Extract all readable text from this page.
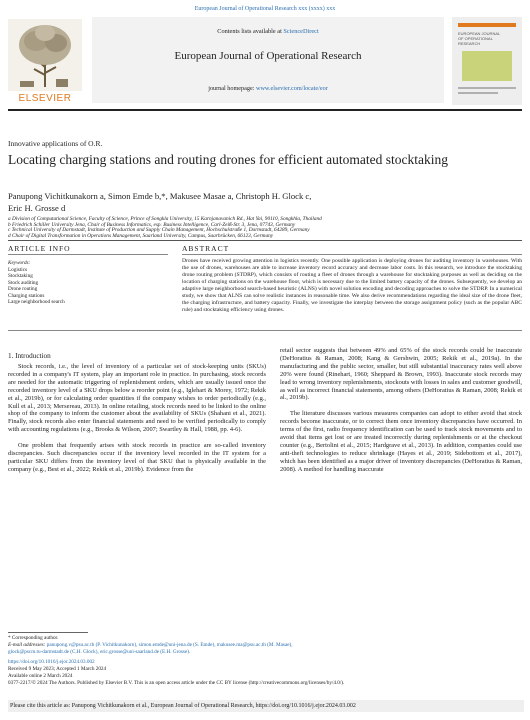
European Journal of Operational Research xxx (xxxx) xxx
ELSEVIER
Contents lists available at ScienceDirect
European Journal of Operational Research
journal homepage: www.elsevier.com/locate/eor
EUROPEAN JOURNAL
OF OPERATIONAL
RESEARCH
Innovative applications of O.R.
Locating charging stations and routing drones for efficient automated stocktaking
Panupong Vichitkunakorn a, Simon Emde b,*, Makusee Masae a, Christoph H. Glock c,
Eric H. Grosse d
a Division of Computational Science, Faculty of Science, Prince of Songkla University, 15 Karnjanavanich Rd., Hat Yai, 90110, Songkhla, Thailand
b Friedrich Schiller University Jena, Chair of Business Informatics, esp. Business Intelligence, Carl-Zeiß-Str. 3, Jena, 07743, Germany
c Technical University of Darmstadt, Institute of Production and Supply Chain Management, Hochschulstraße 1, Darmstadt, 64289, Germany
d Chair of Digital Transformation in Operations Management, Saarland University, Campus, Saarbrücken, 66123, Germany
ARTICLE INFO	ABSTRACT
Keywords:
Logistics
Stocktaking
Stock auditing
Drone routing
Charging stations
Large neighborhood search
Drones have received growing attention in logistics recently. One possible application is deploying drones for auditing inventory in warehouses. With the use of drones, warehouses are able to increase inventory record accuracy and decrease labor costs. In this research, we introduce the stocktaking drone routing problem (STDRP), which consists of routing a fleet of drones through a warehouse for stocktaking purposes as well as deciding on the location of charging stations on the warehouse floor, which is necessary due to the limited battery capacity of the drones. Subsequently, we develop an adaptive large neighborhood search-based heuristic (ALNS) with novel solution encoding and decoding approaches to solve the STDRP. In a numerical study, we show that ALNS can solve realistic instances in reasonable time. We also derive recommendations regarding the ideal size of the drone fleet, the charging infrastructure, and battery capacity. Finally, we investigate the interplay between the storage assignment policy (such as the popular ABC rule) and stocktaking efficiency using drones.
1. Introduction

Stock records, i.e., the level of inventory of a particular set of stock-keeping units (SKUs) recorded in a company's IT system, play an important role in practice. In purchasing, stock records are needed for the automatic triggering of replenishment orders, which are usually issued once the recorded inventory level of a SKU drops below a reorder point (e.g., Iglehart & Morey, 1972; Rekik et al., 2019b), or for calculating order quantities if the company wishes to order periodically (e.g., Kull et al., 2013; Mersereau, 2013). In online retailing, stock records need to be linked to the online shop of the company to inform the customer about the availability of SKUs (Shahani et al., 2021). Finally, stock records also enter financial statements and need to be verified periodically to comply with accounting regulations (e.g., Brooks & Wilson, 2007; Swartley & Hall, 1988, pp. 4-6).

One problem that frequently arises with stock records in practice are so-called inventory discrepancies. Such discrepancies occur if the inventory level recorded in the IT system for a particular SKU differs from the inventory level of that SKU that is physically available in the company (e.g., Best et al., 2022; Rekik et al., 2019b). Evidence from the

retail sector suggests that between 49% and 65% of the stock records could be inaccurate (DeHoratius & Raman, 2008; Kang & Gershwin, 2005; Rekik et al., 2019a). In the manufacturing and the public sector, smaller, but still substantial inaccuracy rates well above 20% were found (Rinehart, 1960; Sheppard & Brown, 1993). Inaccurate stock records may lead to wrong inventory replenishments, stockouts with losses in sales and customer goodwill, as well as incorrect financial statements, among others (DeHoratius & Raman, 2008; Rekik et al., 2019b).

The literature discusses various measures companies can adopt to either avoid that stock records become inaccurate, or to correct them once inventory discrepancies have occurred. In terms of the first, radio frequency identification can be used to track stock movements and to avoid that items get lost or are treated incorrectly during replenishments or at the checkout counter (e.g., Bertolini et al., 2015; Hardgrave et al., 2013). In addition, companies could use anti-theft technologies to reduce shrinkage (Hayes et al., 2019; Sidebottom et al., 2017), which has been identified as a major driver of inventory discrepancies (DeHoratius & Raman, 2008). A method for handling inaccurate

* Corresponding author.
E-mail addresses: panupong.v@psu.ac.th (P. Vichitkunakorn), simon.emde@uni-jena.de (S. Emde), makusee.ma@psu.ac.th (M. Masae),
glock@pscm.tu-darmstadt.de (C.H. Glock), eric.grosse@uni-saarland.de (E.H. Grosse).
https://doi.org/10.1016/j.ejor.2024.03.002
Received 9 May 2023; Accepted 1 March 2024
Available online 2 March 2024
0377-2217/© 2024 The Authors. Published by Elsevier B.V. This is an open access article under the CC BY license (http://creativecommons.org/licenses/by/4.0/).
Please cite this article as: Panupong Vichitkunakorn et al., European Journal of Operational Research, https://doi.org/10.1016/j.ejor.2024.03.002
